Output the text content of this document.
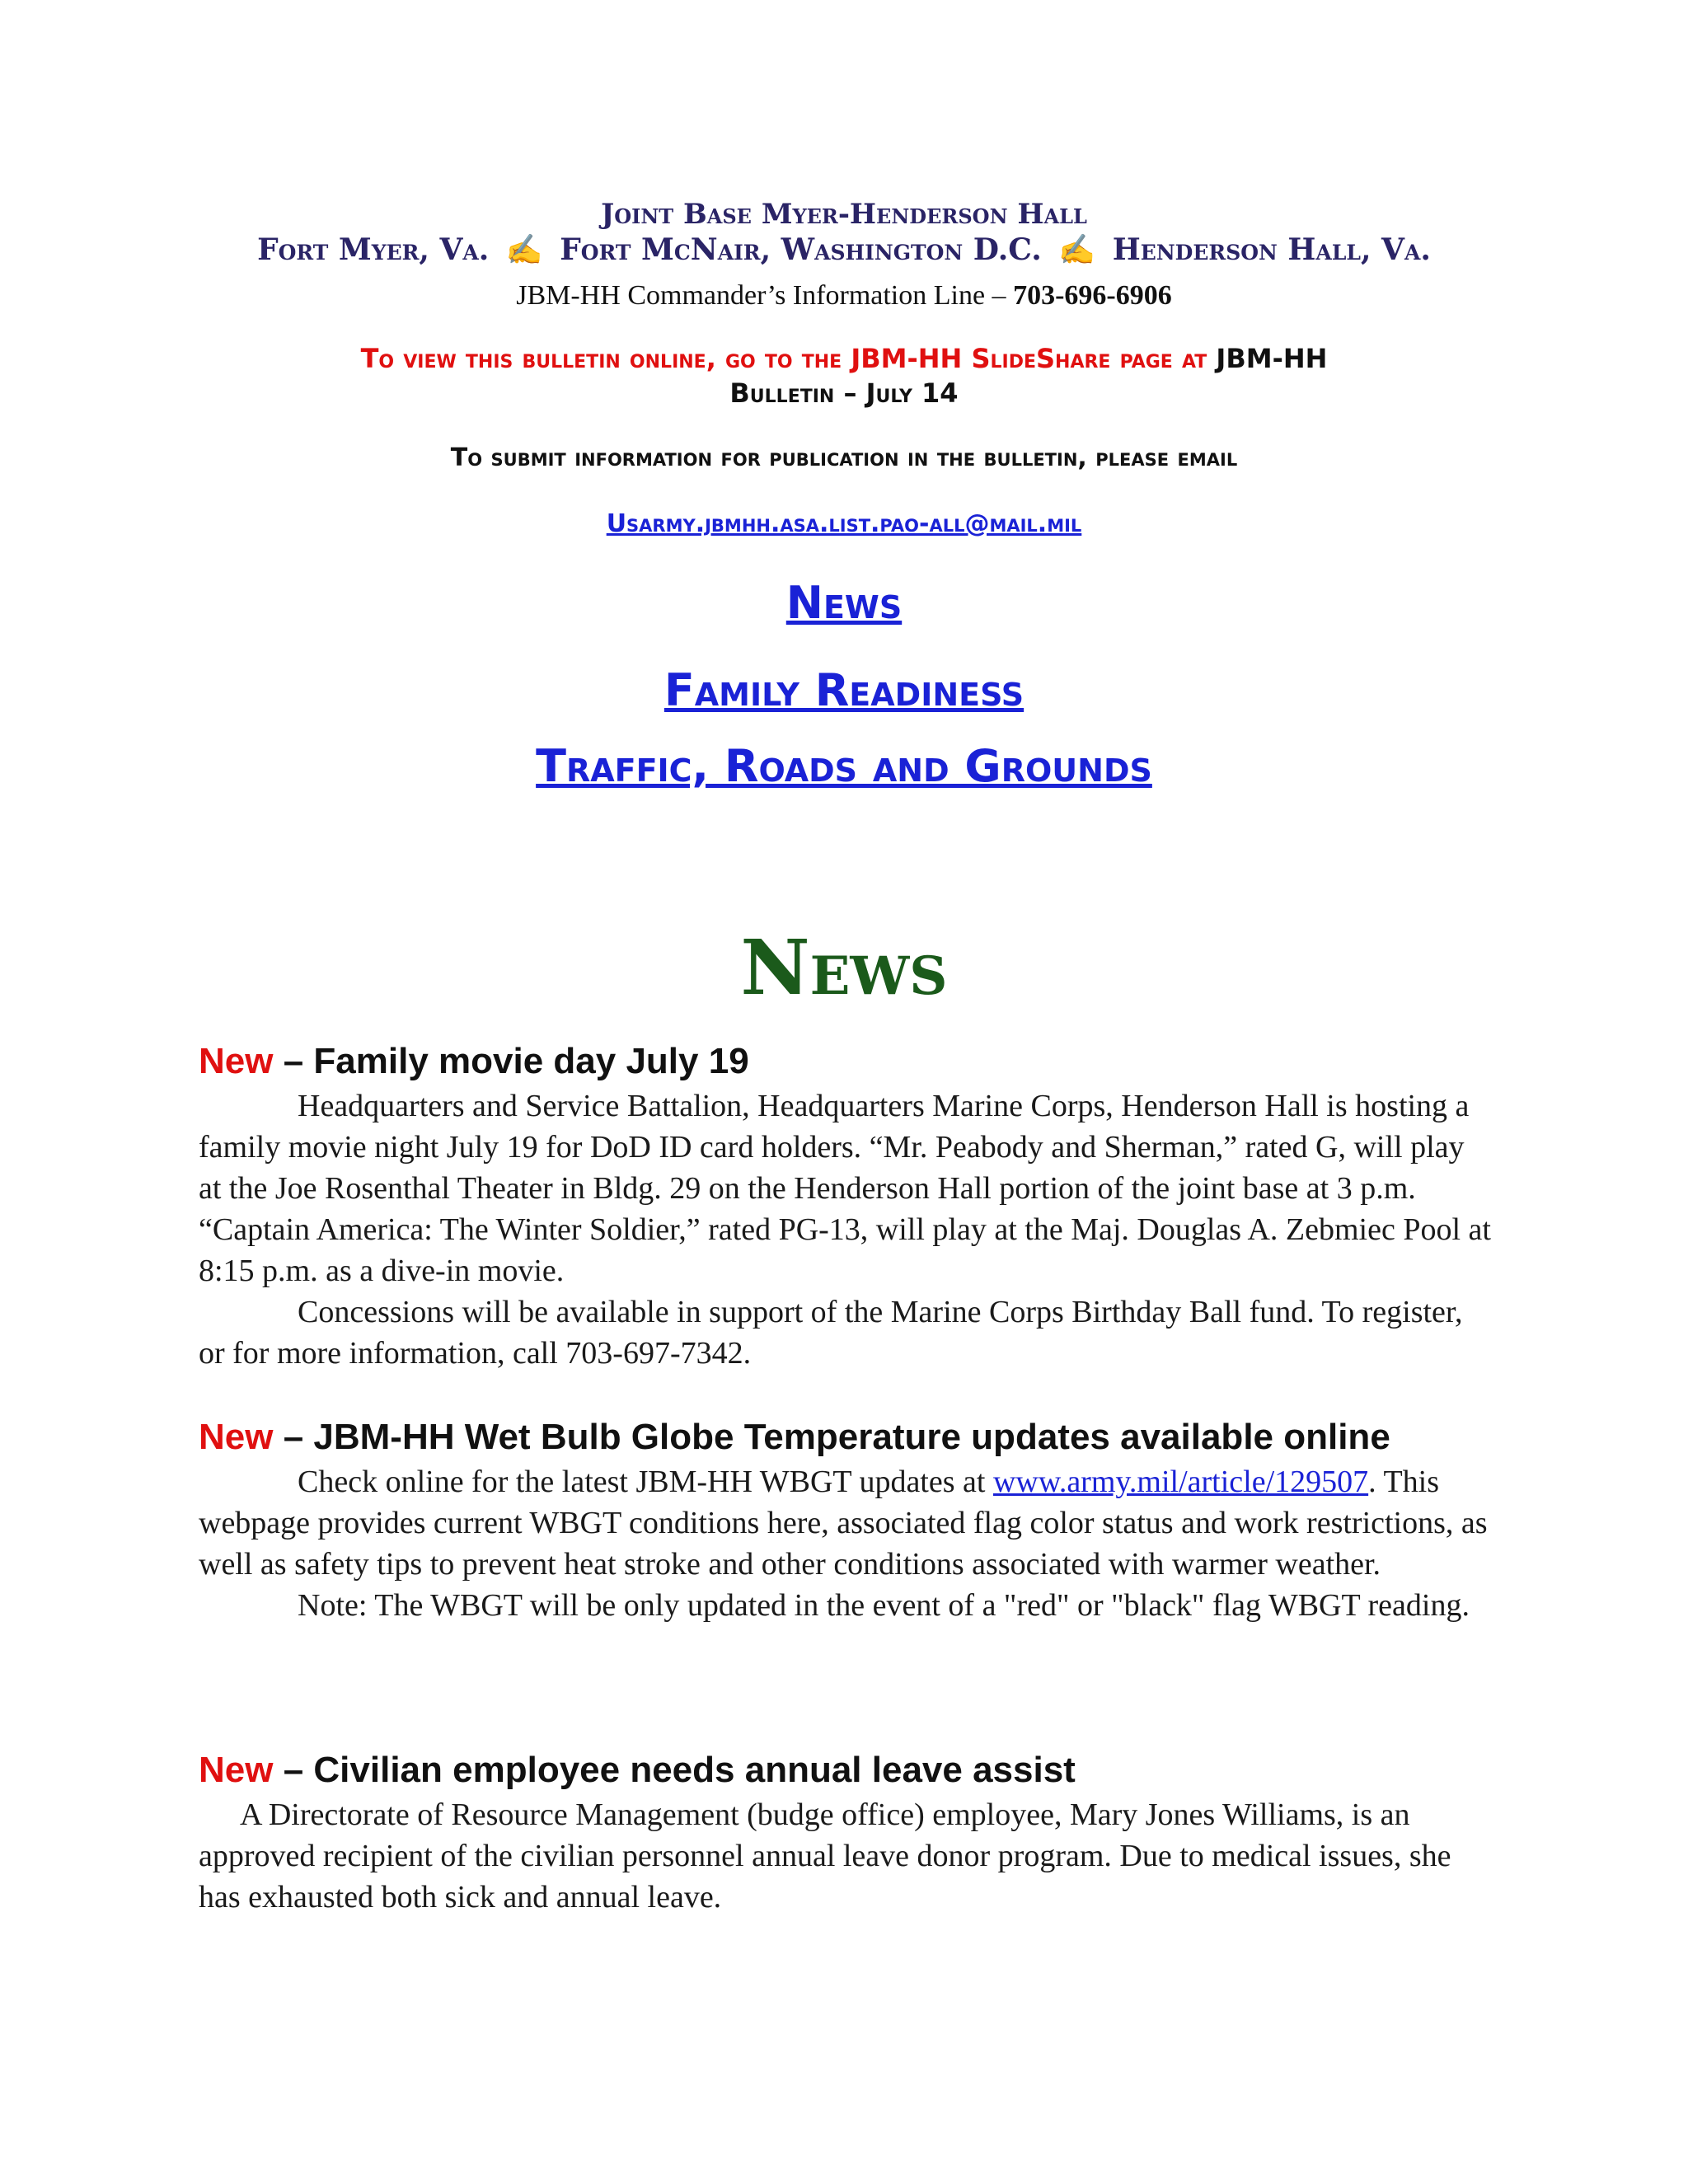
Joint Base Myer-Henderson Hall
Fort Myer, Va. ✍ Fort McNair, Washington D.C. ✍ Henderson Hall, Va.
JBM-HH Commander’s Information Line – 703-696-6906
To view this bulletin online, go to the JBM-HH SlideShare page at JBM-HH
Bulletin – July 14
To submit information for publication in the bulletin, please email
Usarmy.jbmhh.asa.list.pao-all@mail.mil
News
Family Readiness
Traffic, Roads and Grounds
News
New – Family movie day July 19

Headquarters and Service Battalion, Headquarters Marine Corps, Henderson Hall is hosting a family movie night July 19 for DoD ID card holders. “Mr. Peabody and Sherman,” rated G, will play at the Joe Rosenthal Theater in Bldg. 29 on the Henderson Hall portion of the joint base at 3 p.m. “Captain America: The Winter Soldier,” rated PG-13, will play at the Maj. Douglas A. Zebmiec Pool at 8:15 p.m. as a dive-in movie.

Concessions will be available in support of the Marine Corps Birthday Ball fund. To register, or for more information, call 703-697-7342.

New – JBM-HH Wet Bulb Globe Temperature updates available online

Check online for the latest JBM-HH WBGT updates at www.army.mil/article/129507. This webpage provides current WBGT conditions here, associated flag color status and work restrictions, as well as safety tips to prevent heat stroke and other conditions associated with warmer weather.

Note: The WBGT will be only updated in the event of a "red" or "black" flag WBGT reading.

New – Civilian employee needs annual leave assist

A Directorate of Resource Management (budge office) employee, Mary Jones Williams, is an approved recipient of the civilian personnel annual leave donor program. Due to medical issues, she has exhausted both sick and annual leave.
